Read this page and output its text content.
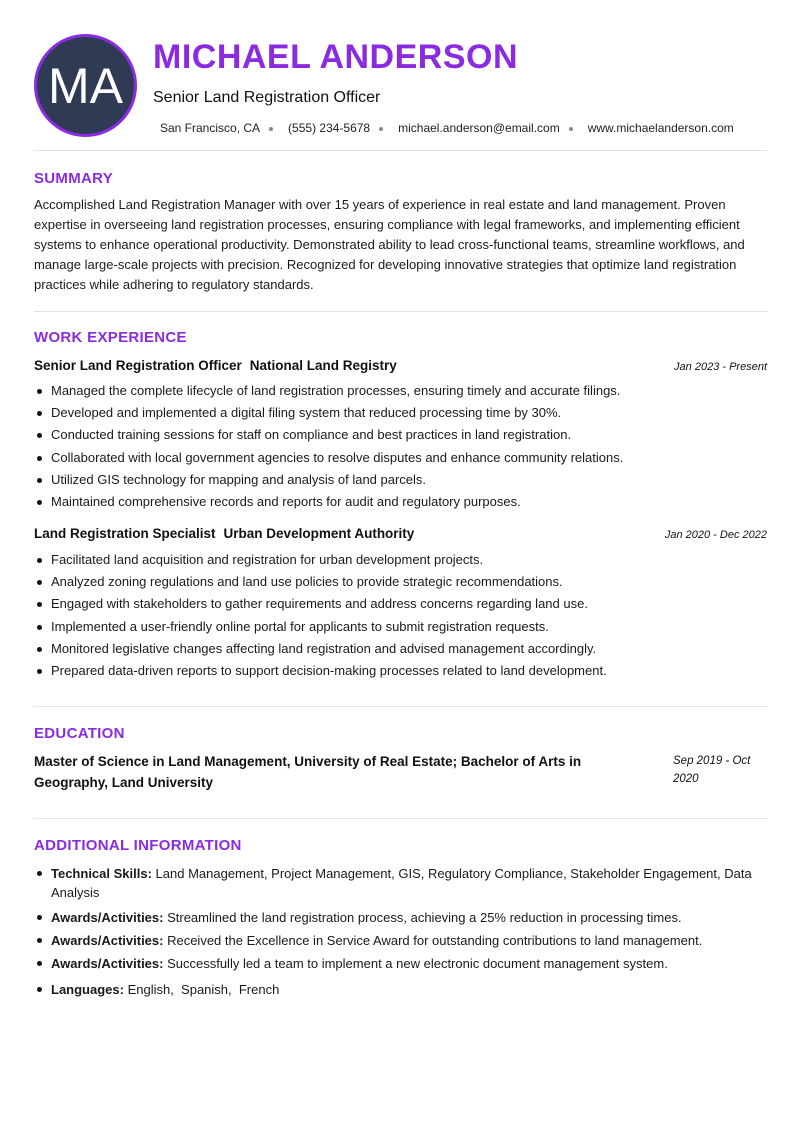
MA
MICHAEL ANDERSON
Senior Land Registration Officer
San Francisco, CA (555) 234-5678 michael.anderson@email.com www.michaelanderson.com
SUMMARY
Accomplished Land Registration Manager with over 15 years of experience in real estate and land management. Proven expertise in overseeing land registration processes, ensuring compliance with legal frameworks, and implementing efficient systems to enhance operational productivity. Demonstrated ability to lead cross-functional teams, streamline workflows, and manage large-scale projects with precision. Recognized for developing innovative strategies that optimize land registration practices while adhering to regulatory standards.
WORK EXPERIENCE
Senior Land Registration Officer National Land Registry	Jan 2023 - Present
Managed the complete lifecycle of land registration processes, ensuring timely and accurate filings.
Developed and implemented a digital filing system that reduced processing time by 30%.
Conducted training sessions for staff on compliance and best practices in land registration.
Collaborated with local government agencies to resolve disputes and enhance community relations.
Utilized GIS technology for mapping and analysis of land parcels.
Maintained comprehensive records and reports for audit and regulatory purposes.
Land Registration Specialist Urban Development Authority	Jan 2020 - Dec 2022
Facilitated land acquisition and registration for urban development projects.
Analyzed zoning regulations and land use policies to provide strategic recommendations.
Engaged with stakeholders to gather requirements and address concerns regarding land use.
Implemented a user-friendly online portal for applicants to submit registration requests.
Monitored legislative changes affecting land registration and advised management accordingly.
Prepared data-driven reports to support decision-making processes related to land development.
EDUCATION
Master of Science in Land Management, University of Real Estate; Bachelor of Arts in Geography, Land University
Sep 2019 - Oct 2020
ADDITIONAL INFORMATION
Technical Skills: Land Management, Project Management, GIS, Regulatory Compliance, Stakeholder Engagement, Data Analysis
Awards/Activities: Streamlined the land registration process, achieving a 25% reduction in processing times.
Awards/Activities: Received the Excellence in Service Award for outstanding contributions to land management.
Awards/Activities: Successfully led a team to implement a new electronic document management system.
Languages: English,  Spanish,  French
